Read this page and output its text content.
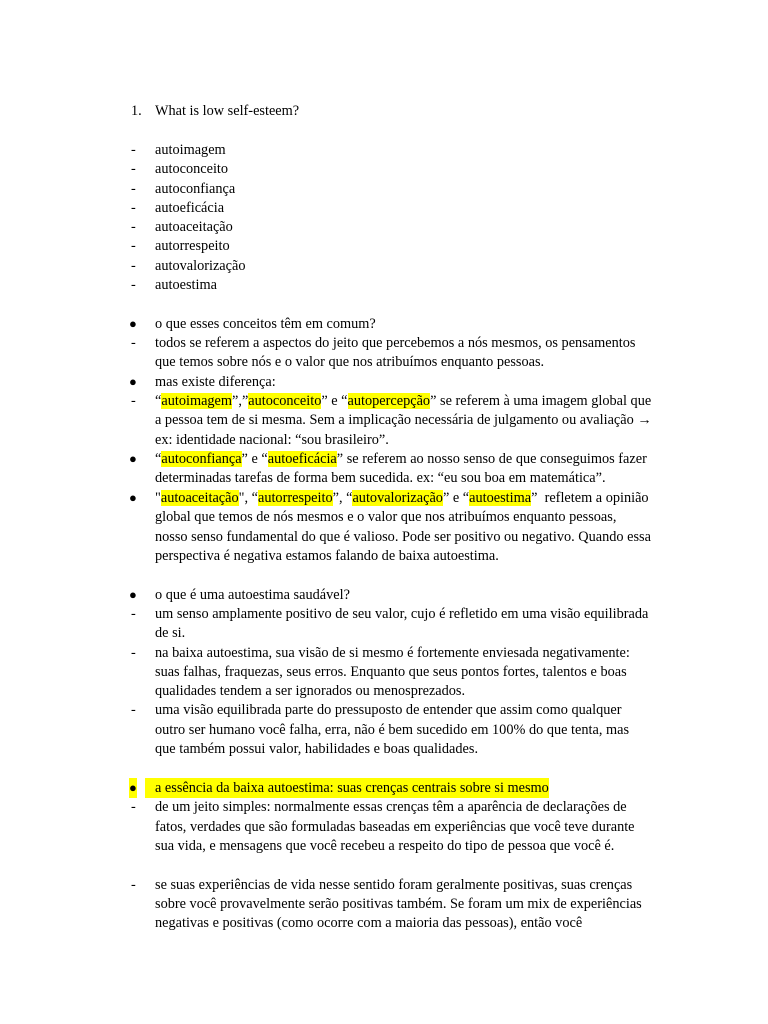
1. What is low self-esteem?
- autoimagem
- autoconceito
- autoconfiança
- autoeficácia
- autoaceitação
- autorrespeito
- autovalorização
- autoestima
● o que esses conceitos têm em comum?
- todos se referem a aspectos do jeito que percebemos a nós mesmos, os pensamentos
que temos sobre nós e o valor que nos atribuímos enquanto pessoas.
● mas existe diferença:
- “autoimagem”,”autoconceito” e “autopercepção” se referem à uma imagem global que
a pessoa tem de si mesma. Sem a implicação necessária de julgamento ou avaliação →
ex: identidade nacional: “sou brasileiro”.
● “autoconfiança” e “autoeficácia” se referem ao nosso senso de que conseguimos fazer
determinadas tarefas de forma bem sucedida. ex: “eu sou boa em matemática”.
● "autoaceitação", “autorrespeito”, “autovalorização” e “autoestima”  refletem a opinião
global que temos de nós mesmos e o valor que nos atribuímos enquanto pessoas,
nosso senso fundamental do que é valioso. Pode ser positivo ou negativo. Quando essa
perspectiva é negativa estamos falando de baixa autoestima.
● o que é uma autoestima saudável?
- um senso amplamente positivo de seu valor, cujo é refletido em uma visão equilibrada
de si.
- na baixa autoestima, sua visão de si mesmo é fortemente enviesada negativamente:
suas falhas, fraquezas, seus erros. Enquanto que seus pontos fortes, talentos e boas
qualidades tendem a ser ignorados ou menosprezados.
- uma visão equilibrada parte do pressuposto de entender que assim como qualquer
outro ser humano você falha, erra, não é bem sucedido em 100% do que tenta, mas
que também possui valor, habilidades e boas qualidades.
●	a essência da baixa autoestima: suas crenças centrais sobre si mesmo
- de um jeito simples: normalmente essas crenças têm a aparência de declarações de
fatos, verdades que são formuladas baseadas em experiências que você teve durante
sua vida, e mensagens que você recebeu a respeito do tipo de pessoa que você é.
- se suas experiências de vida nesse sentido foram geralmente positivas, suas crenças
sobre você provavelmente serão positivas também. Se foram um mix de experiências
negativas e positivas (como ocorre com a maioria das pessoas), então você
